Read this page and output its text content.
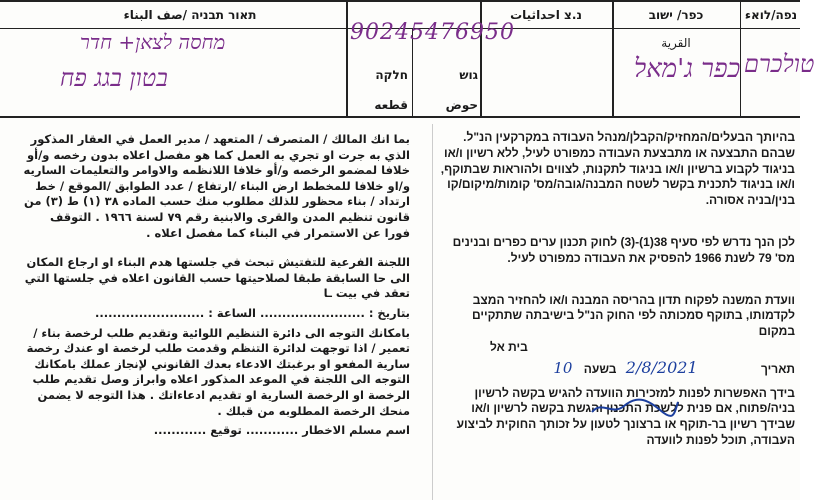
נפה/לואء
כפר/ ישוב
القرية
נ.צ احداثيات
גוש
חלקה
حوض
قطعه
תאור תבניה /صف البناء
טולכרם
כפר ג'מאל
90245476950
מחסה לצאן+ חדר
בטון בגג פח

بما انك المالك / المتصرف / المتعهد / مدير العمل في العقار المذكور الذي به جرت او تجري به العمل كما هو مفصل اعلاه بدون رخصه و/أو خلافا لمضمو الرخصه و/أو خلافا اللانظمه والاوامر والتعليمات الساريه و/او خلافا للمخطط ارض البناء /ارتفاع / عدد الطوابق /الموقع / خط ارتداد / بناء محظور للذلك مطلوب منك حسب الماده ٣٨ (١) ط (٣) من قانون تنظيم المدن والقرى والابنية رقم ٧٩ لسنة ١٩٦٦ . التوقف فورا عن الاستمرار في البناء كما مفصل اعلاه .

اللجنة الفرعية للتفتيش تبحث في جلستها هدم البناء او ارجاع المكان الى حا السابقة طبقا لصلاحيتها حسب القانون اعلاه في جلستها التي تعقد في بيت ـا

بتاريخ : ........................ الساعة : .........................

بامكانك التوجه الى دائرة التنظيم اللوائية وتقديم طلب لرخصة بناء / تعمير / اذا توجهت لدائرة التنظم وقدمت طلب لرخصة او عندك رخصة سارية المفعو او برغبتك الادعاء بعدك القانوني لإنجاز عملك بامكانك التوجه الى اللجنة في الموعد المذكور اعلاه وابراز وصل تقديم طلب الرخصة او الرخصة السارية او تقديم ادعاءاتك . هذا التوجه لا يضمن منحك الرخصة المطلوبه من قبلك .

اسم مسلم الاخطار ............ توقيع ............

בהיותך הבעלים/המחזיק/הקבלן/מנהל העבודה במקרקעין הנ"ל. שבהם התבצעה או מתבצעת העבודה כמפורט לעיל, ללא רשיון ו/או בניגוד לקבוע ברשיון ו/או בניגוד לתקנות, לצווים ולהוראות שבתוקף, ו/או בניגוד לתכנית בקשר לשטח המבנה/גובה/מס' קומות/מיקום/קו בנין/בניה אסורה.

לכן הנך נדרש לפי סעיף 38(1)-(3) לחוק תכנון ערים כפרים ובנינים מס' 79 לשנת 1966 להפסיק את העבודה כמפורט לעיל.

וועדת המשנה לפקוח תדון בהריסה המבנה ו/או להחזיר המצב לקדמותו, בתוקף סמכותה לפי החוק הנ"ל בישיבתה שתתקיים במקום

בית אל

תאריך 2/8/2021 בשעה 10

בידך האפשרות לפנות למזכירות הוועדה להגיש בקשה לרשיון בניה/פתוח, אם פנית ללשכת התכנון והגשת בקשה לרשיון ו/או שבידך רשיון בר-תוקף או ברצונך לטעון על זכותך החוקית לביצוע העבודה, תוכל לפנות לוועדה
